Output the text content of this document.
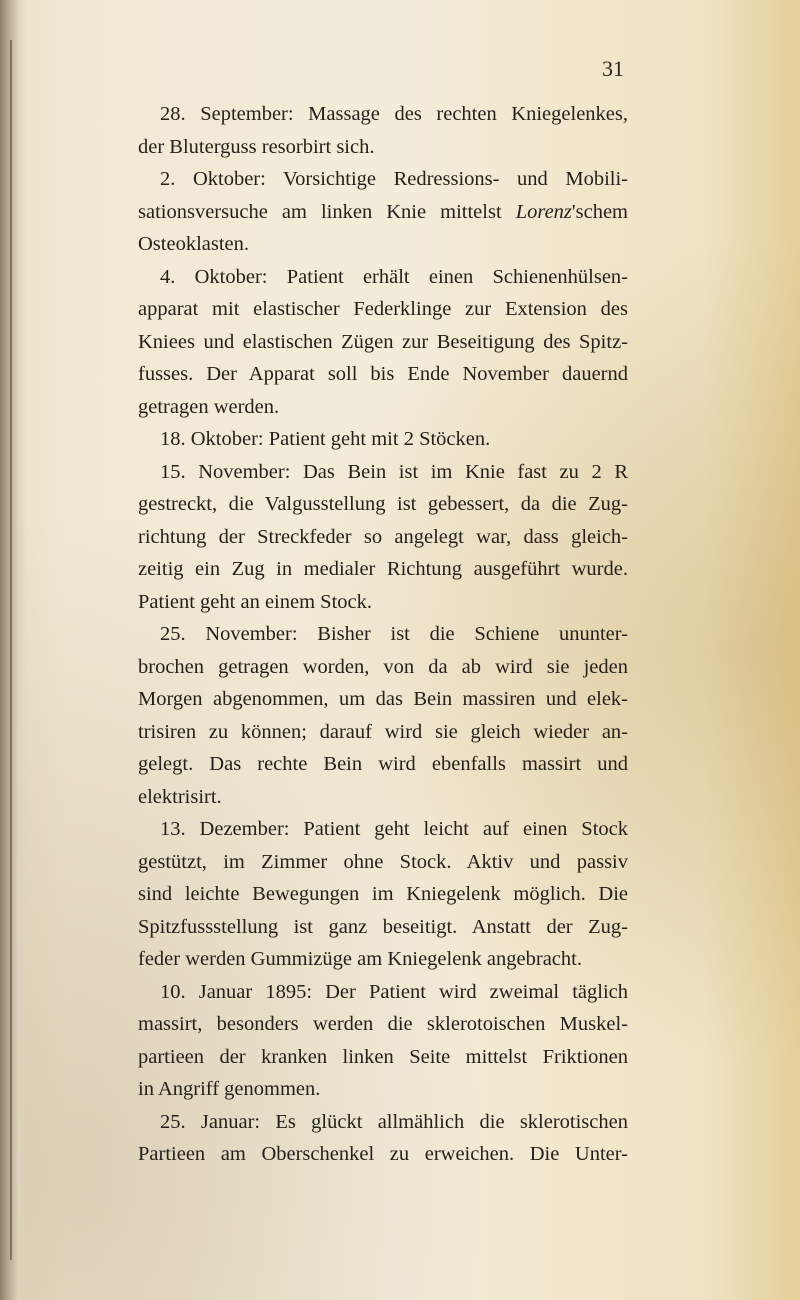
31
28. September: Massage des rechten Kniegelenkes,
der Bluterguss resorbirt sich.
2. Oktober: Vorsichtige Redressions- und Mobili-
sationsversuche am linken Knie mittelst Lorenz'schem
Osteoklasten.
4. Oktober: Patient erhält einen Schienenhülsen-
apparat mit elastischer Federklinge zur Extension des
Kniees und elastischen Zügen zur Beseitigung des Spitz-
fusses. Der Apparat soll bis Ende November dauernd
getragen werden.
18. Oktober: Patient geht mit 2 Stöcken.
15. November: Das Bein ist im Knie fast zu 2 R
gestreckt, die Valgusstellung ist gebessert, da die Zug-
richtung der Streckfeder so angelegt war, dass gleich-
zeitig ein Zug in medialer Richtung ausgeführt wurde.
Patient geht an einem Stock.
25. November: Bisher ist die Schiene ununter-
brochen getragen worden, von da ab wird sie jeden
Morgen abgenommen, um das Bein massiren und elek-
trisiren zu können; darauf wird sie gleich wieder an-
gelegt. Das rechte Bein wird ebenfalls massirt und
elektrisirt.
13. Dezember: Patient geht leicht auf einen Stock
gestützt, im Zimmer ohne Stock. Aktiv und passiv
sind leichte Bewegungen im Kniegelenk möglich. Die
Spitzfussstellung ist ganz beseitigt. Anstatt der Zug-
feder werden Gummizüge am Kniegelenk angebracht.
10. Januar 1895: Der Patient wird zweimal täglich
massirt, besonders werden die sklerotoischen Muskel-
partieen der kranken linken Seite mittelst Friktionen
in Angriff genommen.
25. Januar: Es glückt allmählich die sklerotischen
Partieen am Oberschenkel zu erweichen. Die Unter-
